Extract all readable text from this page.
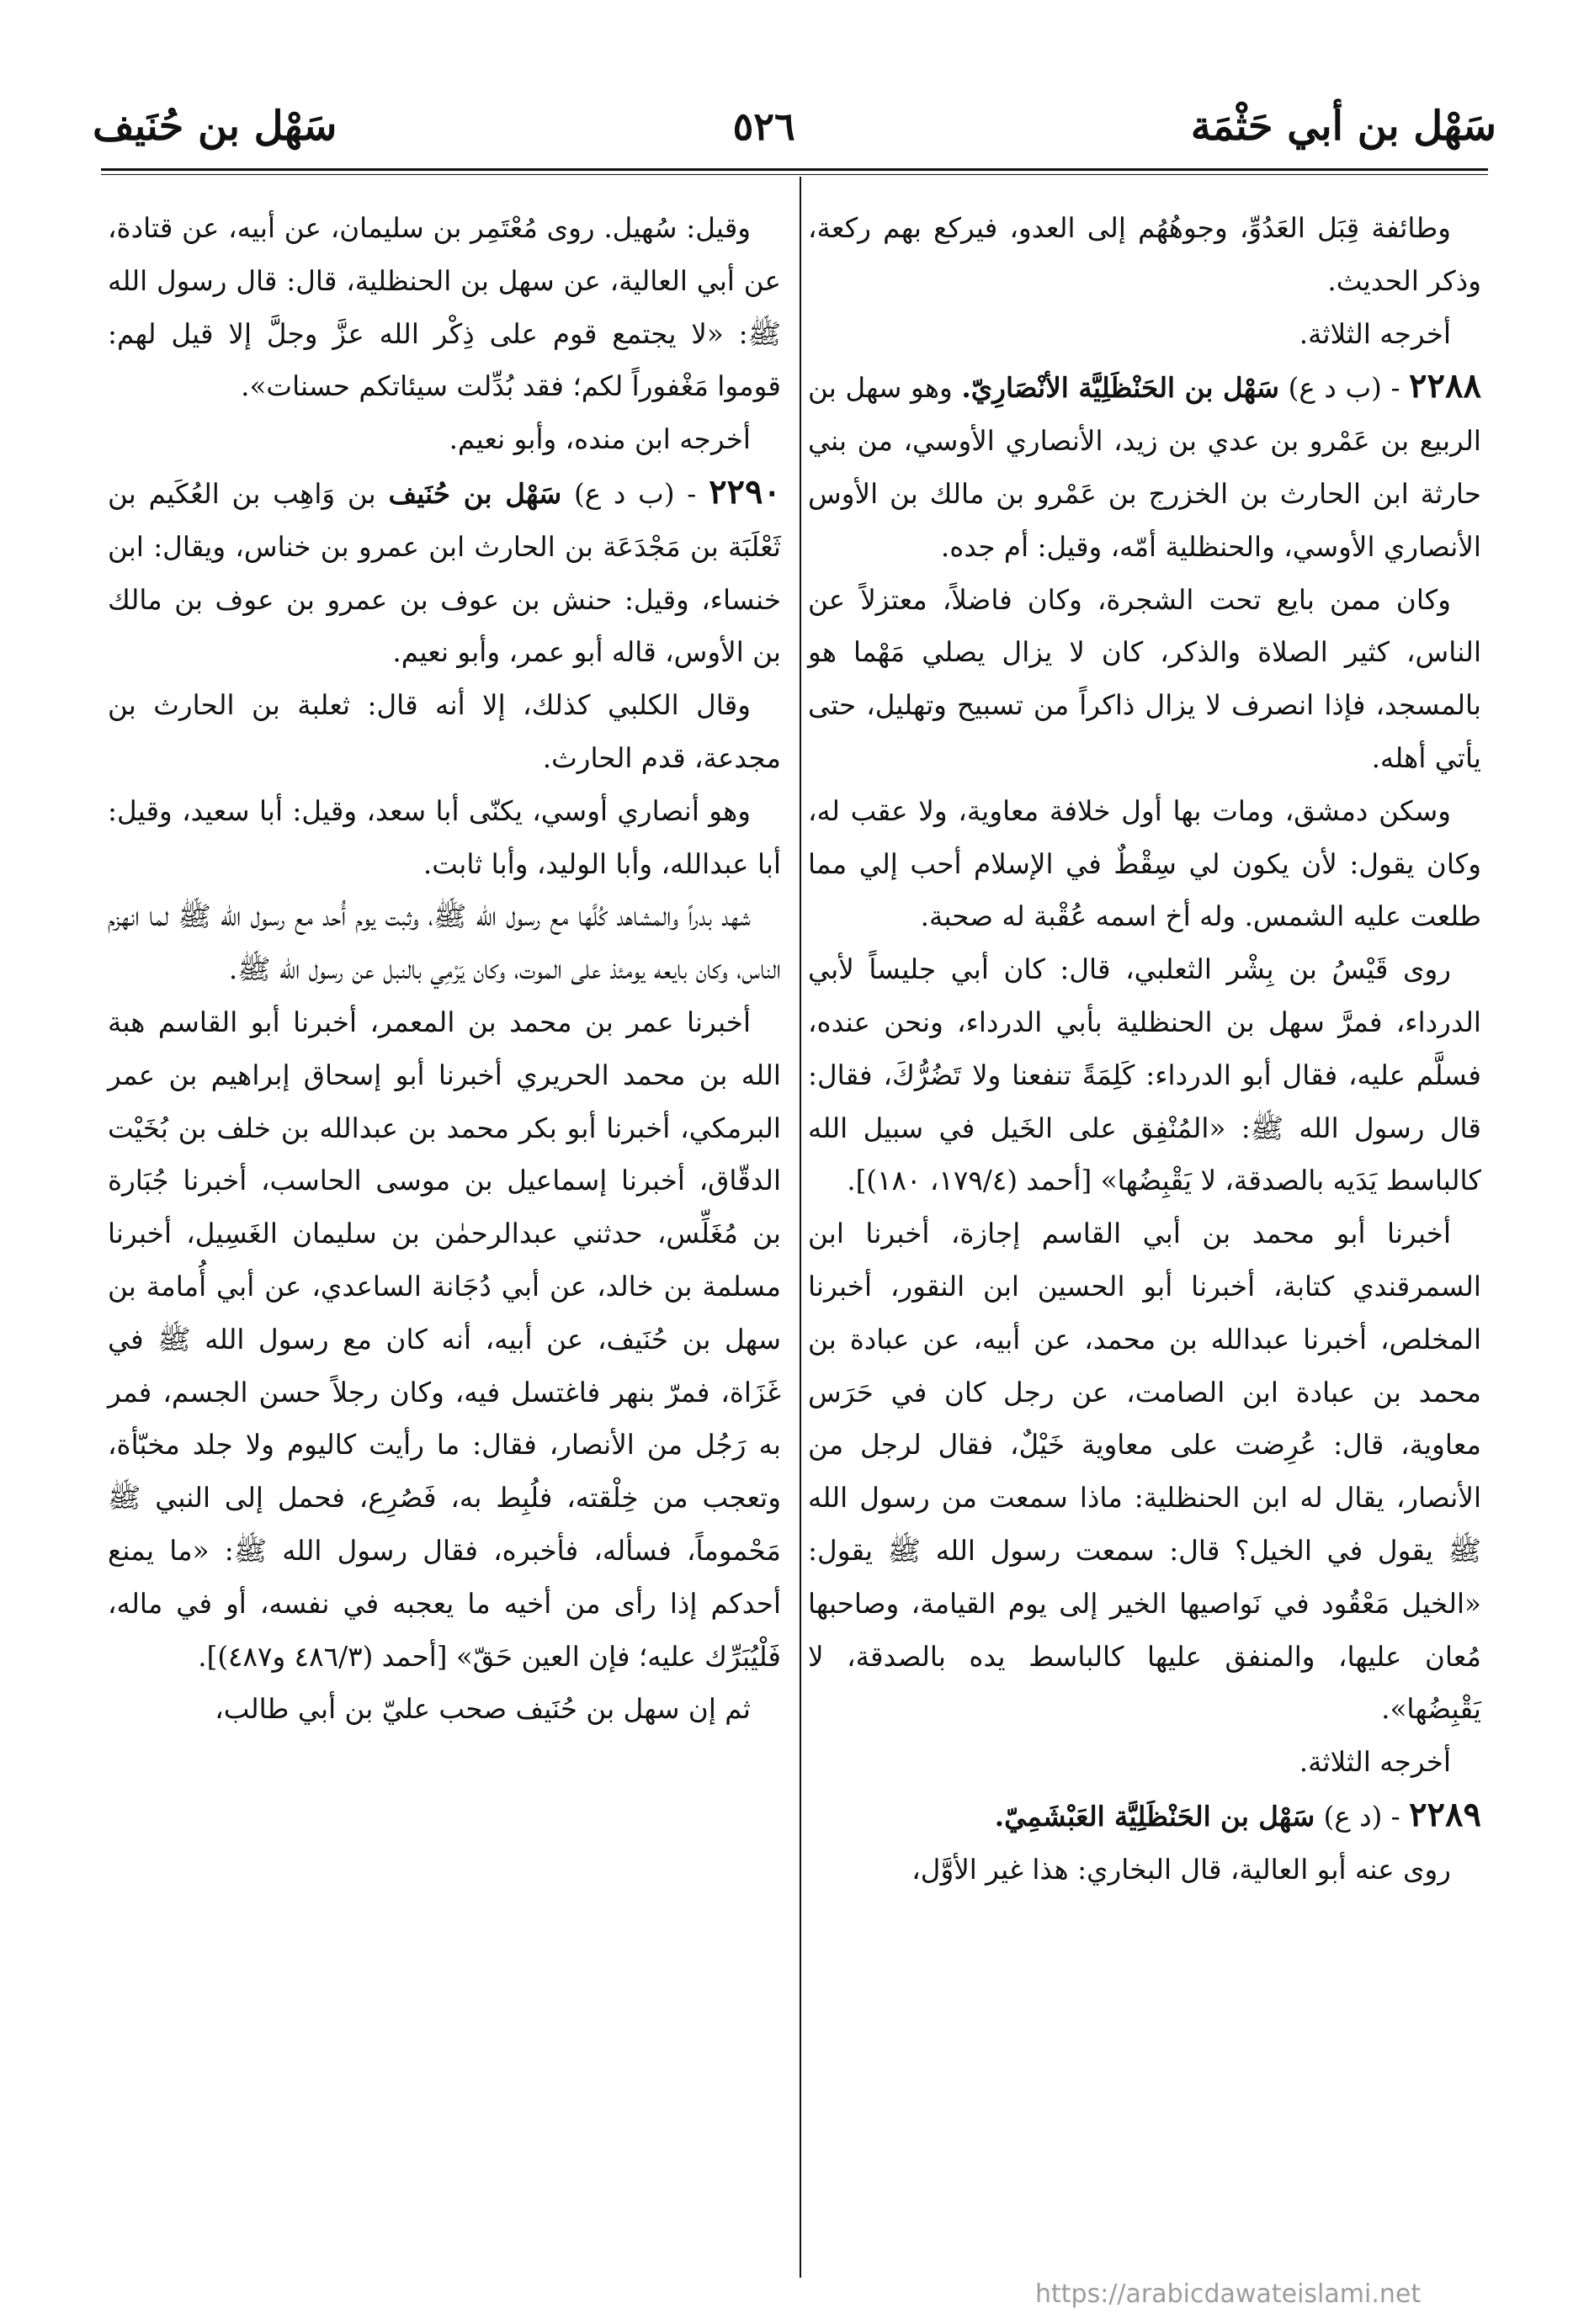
سَهْل بن أبي حَثْمَة
٥٢٦
سَهْل بن حُنَيف

وطائفة قِبَل العَدُوِّ، وجوهُهُم إلى العدو، فيركع بهم ركعة، وذكر الحديث.

أخرجه الثلاثة.

٢٢٨٨ - (ب د ع) سَهْل بن الحَنْظَلِيَّة الأنْصَارِيّ. وهو سهل بن الربيع بن عَمْرو بن عدي بن زيد، الأنصاري الأوسي، من بني حارثة ابن الحارث بن الخزرج بن عَمْرو بن مالك بن الأوس الأنصاري الأوسي، والحنظلية أمّه، وقيل: أم جده.

وكان ممن بايع تحت الشجرة، وكان فاضلاً، معتزلاً عن الناس، كثير الصلاة والذكر، كان لا يزال يصلي مَهْما هو بالمسجد، فإذا انصرف لا يزال ذاكراً من تسبيح وتهليل، حتى يأتي أهله.

وسكن دمشق، ومات بها أول خلافة معاوية، ولا عقب له، وكان يقول: لأن يكون لي سِقْطٌ في الإسلام أحب إلي مما طلعت عليه الشمس. وله أخ اسمه عُقْبة له صحبة.

روى قَيْسُ بن بِشْر الثعلبي، قال: كان أبي جليساً لأبي الدرداء، فمرَّ سهل بن الحنظلية بأبي الدرداء، ونحن عنده، فسلَّم عليه، فقال أبو الدرداء: كَلِمَةً تنفعنا ولا تَضُرُّكَ، فقال: قال رسول الله ﷺ: «المُنْفِق على الخَيل في سبيل الله كالباسط يَدَيه بالصدقة، لا يَقْبِضُها» [أحمد (١٧٩/٤، ١٨٠)].

أخبرنا أبو محمد بن أبي القاسم إجازة، أخبرنا ابن السمرقندي كتابة، أخبرنا أبو الحسين ابن النقور، أخبرنا المخلص، أخبرنا عبدالله بن محمد، عن أبيه، عن عبادة بن محمد بن عبادة ابن الصامت، عن رجل كان في حَرَس معاوية، قال: عُرِضت على معاوية خَيْلٌ، فقال لرجل من الأنصار، يقال له ابن الحنظلية: ماذا سمعت من رسول الله ﷺ يقول في الخيل؟ قال: سمعت رسول الله ﷺ يقول: «الخيل مَعْقُود في نَواصيها الخير إلى يوم القيامة، وصاحبها مُعان عليها، والمنفق عليها كالباسط يده بالصدقة، لا يَقْبِضُها».

أخرجه الثلاثة.

٢٢٨٩ - (د ع) سَهْل بن الحَنْظَلِيَّة العَبْشَمِيّ.

روى عنه أبو العالية، قال البخاري: هذا غير الأوَّل،

وقيل: سُهيل. روى مُعْتَمِر بن سليمان، عن أبيه، عن قتادة، عن أبي العالية، عن سهل بن الحنظلية، قال: قال رسول الله ﷺ: «لا يجتمع قوم على ذِكْر الله عزَّ وجلَّ إلا قيل لهم: قوموا مَغْفوراً لكم؛ فقد بُدِّلت سيئاتكم حسنات».

أخرجه ابن منده، وأبو نعيم.

٢٢٩٠ - (ب د ع) سَهْل بن حُنَيف بن وَاهِب بن العُكَيم بن ثَعْلَبَة بن مَجْدَعَة بن الحارث ابن عمرو بن خناس، ويقال: ابن خنساء، وقيل: حنش بن عوف بن عمرو بن عوف بن مالك بن الأوس، قاله أبو عمر، وأبو نعيم.

وقال الكلبي كذلك، إلا أنه قال: ثعلبة بن الحارث بن مجدعة، قدم الحارث.

وهو أنصاري أوسي، يكنّى أبا سعد، وقيل: أبا سعيد، وقيل: أبا عبدالله، وأبا الوليد، وأبا ثابت.

شهد بدراً والمشاهد كُلَّها مع رسول الله ﷺ، وثبت يوم أُحد مع رسول الله ﷺ لما انهزم الناس، وكان بايعه يومئذ على الموت، وكان يَرْمِي بالنبل عن رسول الله ﷺ.

أخبرنا عمر بن محمد بن المعمر، أخبرنا أبو القاسم هبة الله بن محمد الحريري أخبرنا أبو إسحاق إبراهيم بن عمر البرمكي، أخبرنا أبو بكر محمد بن عبدالله بن خلف بن بُخَيْت الدقّاق، أخبرنا إسماعيل بن موسى الحاسب، أخبرنا جُبَارة بن مُغَلِّس، حدثني عبدالرحمٰن بن سليمان الغَسِيل، أخبرنا مسلمة بن خالد، عن أبي دُجَانة الساعدي، عن أبي أُمامة بن سهل بن حُنَيف، عن أبيه، أنه كان مع رسول الله ﷺ في غَزَاة، فمرّ بنهر فاغتسل فيه، وكان رجلاً حسن الجسم، فمر به رَجُل من الأنصار، فقال: ما رأيت كاليوم ولا جلد مخبّأة، وتعجب من خِلْقته، فلُبِط به، فَصُرِع، فحمل إلى النبي ﷺ مَحْموماً، فسأله، فأخبره، فقال رسول الله ﷺ: «ما يمنع أحدكم إذا رأى من أخيه ما يعجبه في نفسه، أو في ماله، فَلْيُبَرِّك عليه؛ فإن العين حَقّ» [أحمد (٤٨٦/٣ و٤٨٧)].

ثم إن سهل بن حُنَيف صحب عليّ بن أبي طالب،

https://arabicdawateislami.net
